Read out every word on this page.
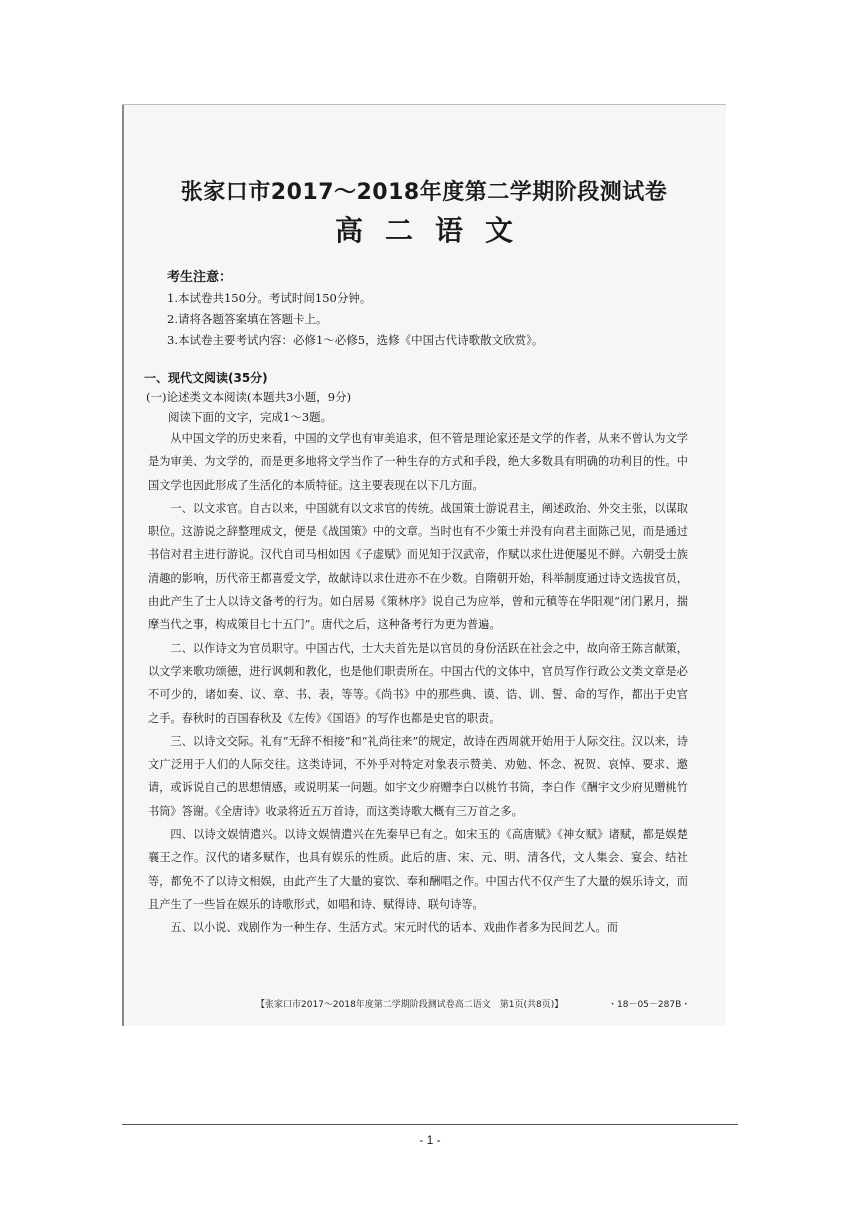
张家口市2017～2018年度第二学期阶段测试卷
高二语文
考生注意：
1.本试卷共150分。考试时间150分钟。
2.请将各题答案填在答题卡上。
3.本试卷主要考试内容：必修1～必修5，选修《中国古代诗歌散文欣赏》。
一、现代文阅读(35分)
(一)论述类文本阅读(本题共3小题，9分)
阅读下面的文字，完成1～3题。

从中国文学的历史来看，中国的文学也有审美追求，但不管是理论家还是文学的作者，从来不曾认为文学是为审美、为文学的，而是更多地将文学当作了一种生存的方式和手段，绝大多数具有明确的功利目的性。中国文学也因此形成了生活化的本质特征。这主要表现在以下几方面。

一、以文求官。自古以来，中国就有以文求官的传统。战国策士游说君主，阐述政治、外交主张，以谋取职位。这游说之辞整理成文，便是《战国策》中的文章。当时也有不少策士并没有向君主面陈己见，而是通过书信对君主进行游说。汉代自司马相如因《子虚赋》而见知于汉武帝，作赋以求仕进便屡见不鲜。六朝受士族清趣的影响，历代帝王都喜爱文学，故献诗以求仕进亦不在少数。自隋朝开始，科举制度通过诗文选拔官员，由此产生了士人以诗文备考的行为。如白居易《策林序》说自己为应举，曾和元稹等在华阳观“闭门累月，揣摩当代之事，构成策目七十五门”。唐代之后，这种备考行为更为普遍。

二、以作诗文为官员职守。中国古代，士大夫首先是以官员的身份活跃在社会之中，故向帝王陈言献策，以文学来歌功颂德，进行讽刺和教化，也是他们职责所在。中国古代的文体中，官员写作行政公文类文章是必不可少的，诸如奏、议、章、书、表，等等。《尚书》中的那些典、谟、诰、训、誓、命的写作，都出于史官之手。春秋时的百国春秋及《左传》《国语》的写作也都是史官的职责。

三、以诗文交际。礼有“无辞不相接”和“礼尚往来”的规定，故诗在西周就开始用于人际交往。汉以来，诗文广泛用于人们的人际交往。这类诗词，不外乎对特定对象表示赞美、劝勉、怀念、祝贺、哀悼、要求、邀请，或诉说自己的思想情感，或说明某一问题。如宇文少府赠李白以桃竹书筒，李白作《酬宇文少府见赠桃竹书筒》答谢。《全唐诗》收录将近五万首诗，而这类诗歌大概有三万首之多。

四、以诗文娱情遣兴。以诗文娱情遣兴在先秦早已有之。如宋玉的《高唐赋》《神女赋》诸赋，都是娱楚襄王之作。汉代的诸多赋作，也具有娱乐的性质。此后的唐、宋、元、明、清各代，文人集会、宴会、结社等，都免不了以诗文相娱，由此产生了大量的宴饮、奉和酬唱之作。中国古代不仅产生了大量的娱乐诗文，而且产生了一些旨在娱乐的诗歌形式，如唱和诗、赋得诗、联句诗等。

五、以小说、戏剧作为一种生存、生活方式。宋元时代的话本、戏曲作者多为民间艺人。而

【张家口市2017～2018年度第二学期阶段测试卷高二语文　第1页(共8页)】	・18－05－287B・
- 1 -
